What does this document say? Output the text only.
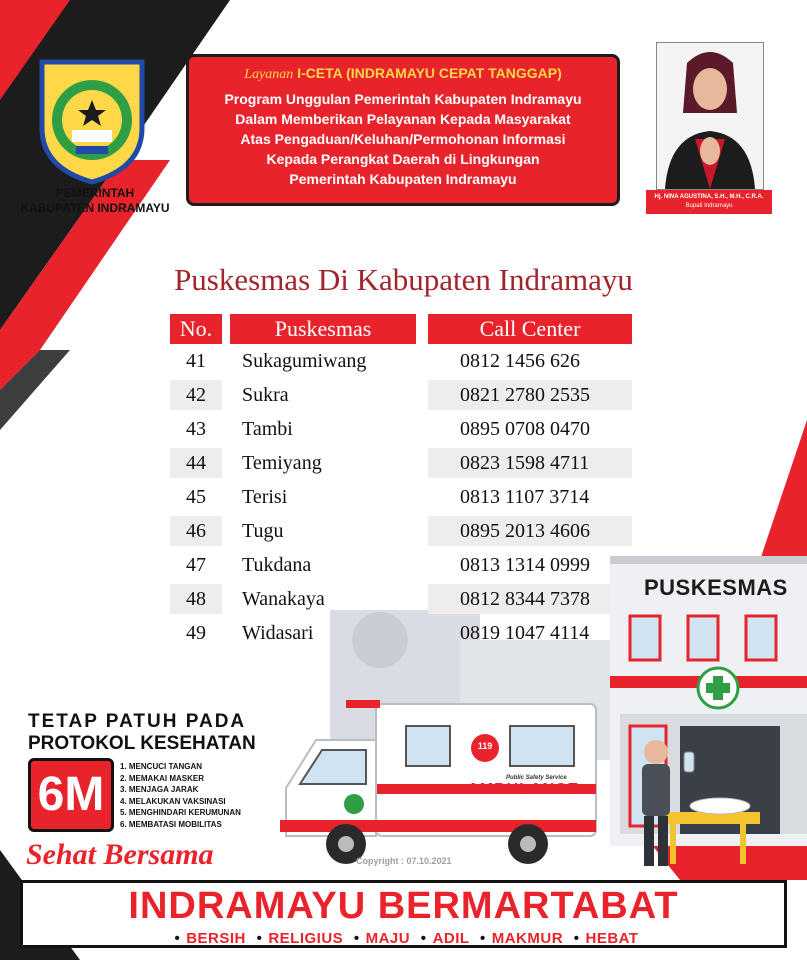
PEMERINTAH
KABUPATEN INDRAMAYU
Layanan I-CETA (INDRAMAYU CEPAT TANGGAP)
Program Unggulan Pemerintah Kabupaten Indramayu
Dalam Memberikan Pelayanan Kepada Masyarakat
Atas Pengaduan/Keluhan/Permohonan Informasi
Kepada Perangkat Daerah di Lingkungan
Pemerintah Kabupaten Indramayu
Hj. NINA AGUSTINA, S.H., M.H., C.R.A.
Bupati Indramayu
Puskesmas Di Kabupaten Indramayu
No.	Puskesmas	Call Center
41	Sukagumiwang	0812 1456 626
42	Sukra	0821 2780 2535
43	Tambi	0895 0708 0470
44	Temiyang	0823 1598 4711
45	Terisi	0813 1107 3714
46	Tugu	0895 2013 4606
47	Tukdana	0813 1314 0999
48	Wanakaya	0812 8344 7378
49	Widasari	0819 1047 4114
PUSKESMAS
119
Public Safety Service
AMBULANCE
TETAP PATUH PADA
PROTOKOL KESEHATAN
6M
1. MENCUCI TANGAN
2. MEMAKAI MASKER
3. MENJAGA JARAK
4. MELAKUKAN VAKSINASI
5. MENGHINDARI KERUMUNAN
6. MEMBATASI MOBILITAS
Sehat Bersama	Copyright : 07.10.2021
INDRAMAYU BERMARTABAT
• BERSIH • RELIGIUS • MAJU • ADIL • MAKMUR • HEBAT
